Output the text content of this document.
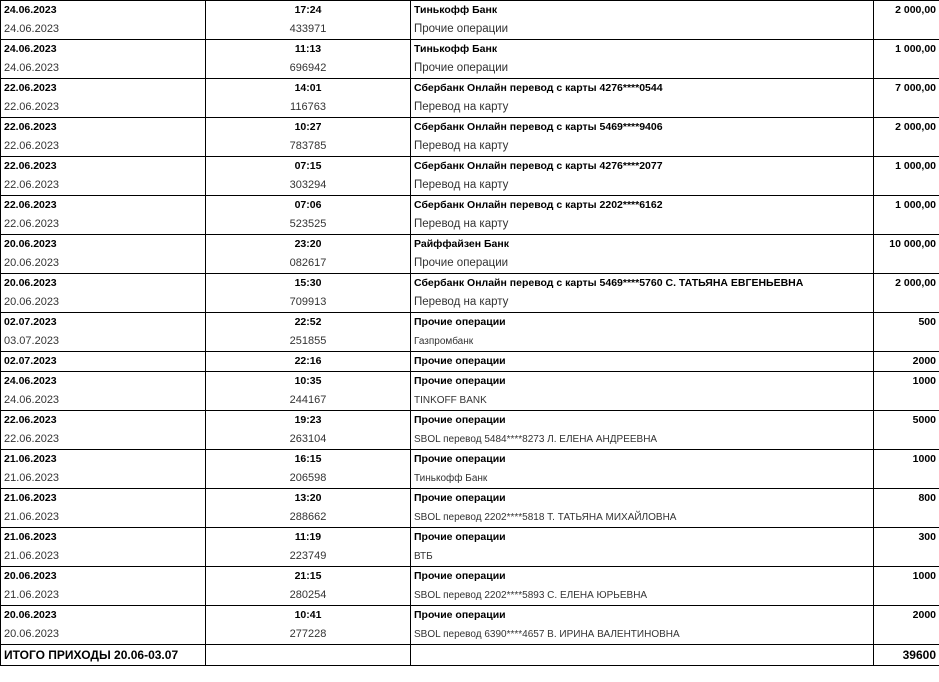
24.06.2023	17:24	Тинькофф Банк	2 000,00
24.06.2023	433971	Прочие операции	
24.06.2023	11:13	Тинькофф Банк	1 000,00
24.06.2023	696942	Прочие операции	
22.06.2023	14:01	Сбербанк Онлайн перевод с карты 4276****0544	7 000,00
22.06.2023	116763	Перевод на карту	
22.06.2023	10:27	Сбербанк Онлайн перевод с карты 5469****9406	2 000,00
22.06.2023	783785	Перевод на карту	
22.06.2023	07:15	Сбербанк Онлайн перевод с карты 4276****2077	1 000,00
22.06.2023	303294	Перевод на карту	
22.06.2023	07:06	Сбербанк Онлайн перевод с карты 2202****6162	1 000,00
22.06.2023	523525	Перевод на карту	
20.06.2023	23:20	Райффайзен Банк	10 000,00
20.06.2023	082617	Прочие операции	
20.06.2023	15:30	Сбербанк Онлайн перевод с карты 5469****5760 С. ТАТЬЯНА ЕВГЕНЬЕВНА	2 000,00
20.06.2023	709913	Перевод на карту	
02.07.2023	22:52	Прочие операции	500
03.07.2023	251855	Газпромбанк	
02.07.2023	22:16	Прочие операции	2000
24.06.2023	10:35	Прочие операции	1000
24.06.2023	244167	TINKOFF BANK	
22.06.2023	19:23	Прочие операции	5000
22.06.2023	263104	SBOL перевод 5484****8273 Л. ЕЛЕНА АНДРЕЕВНА	
21.06.2023	16:15	Прочие операции	1000
21.06.2023	206598	Тинькофф Банк	
21.06.2023	13:20	Прочие операции	800
21.06.2023	288662	SBOL перевод 2202****5818 Т. ТАТЬЯНА МИХАЙЛОВНА	
21.06.2023	11:19	Прочие операции	300
21.06.2023	223749	ВТБ	
20.06.2023	21:15	Прочие операции	1000
21.06.2023	280254	SBOL перевод 2202****5893 С. ЕЛЕНА ЮРЬЕВНА	
20.06.2023	10:41	Прочие операции	2000
20.06.2023	277228	SBOL перевод 6390****4657 В. ИРИНА ВАЛЕНТИНОВНА	
ИТОГО ПРИХОДЫ 20.06-03.07			39600
